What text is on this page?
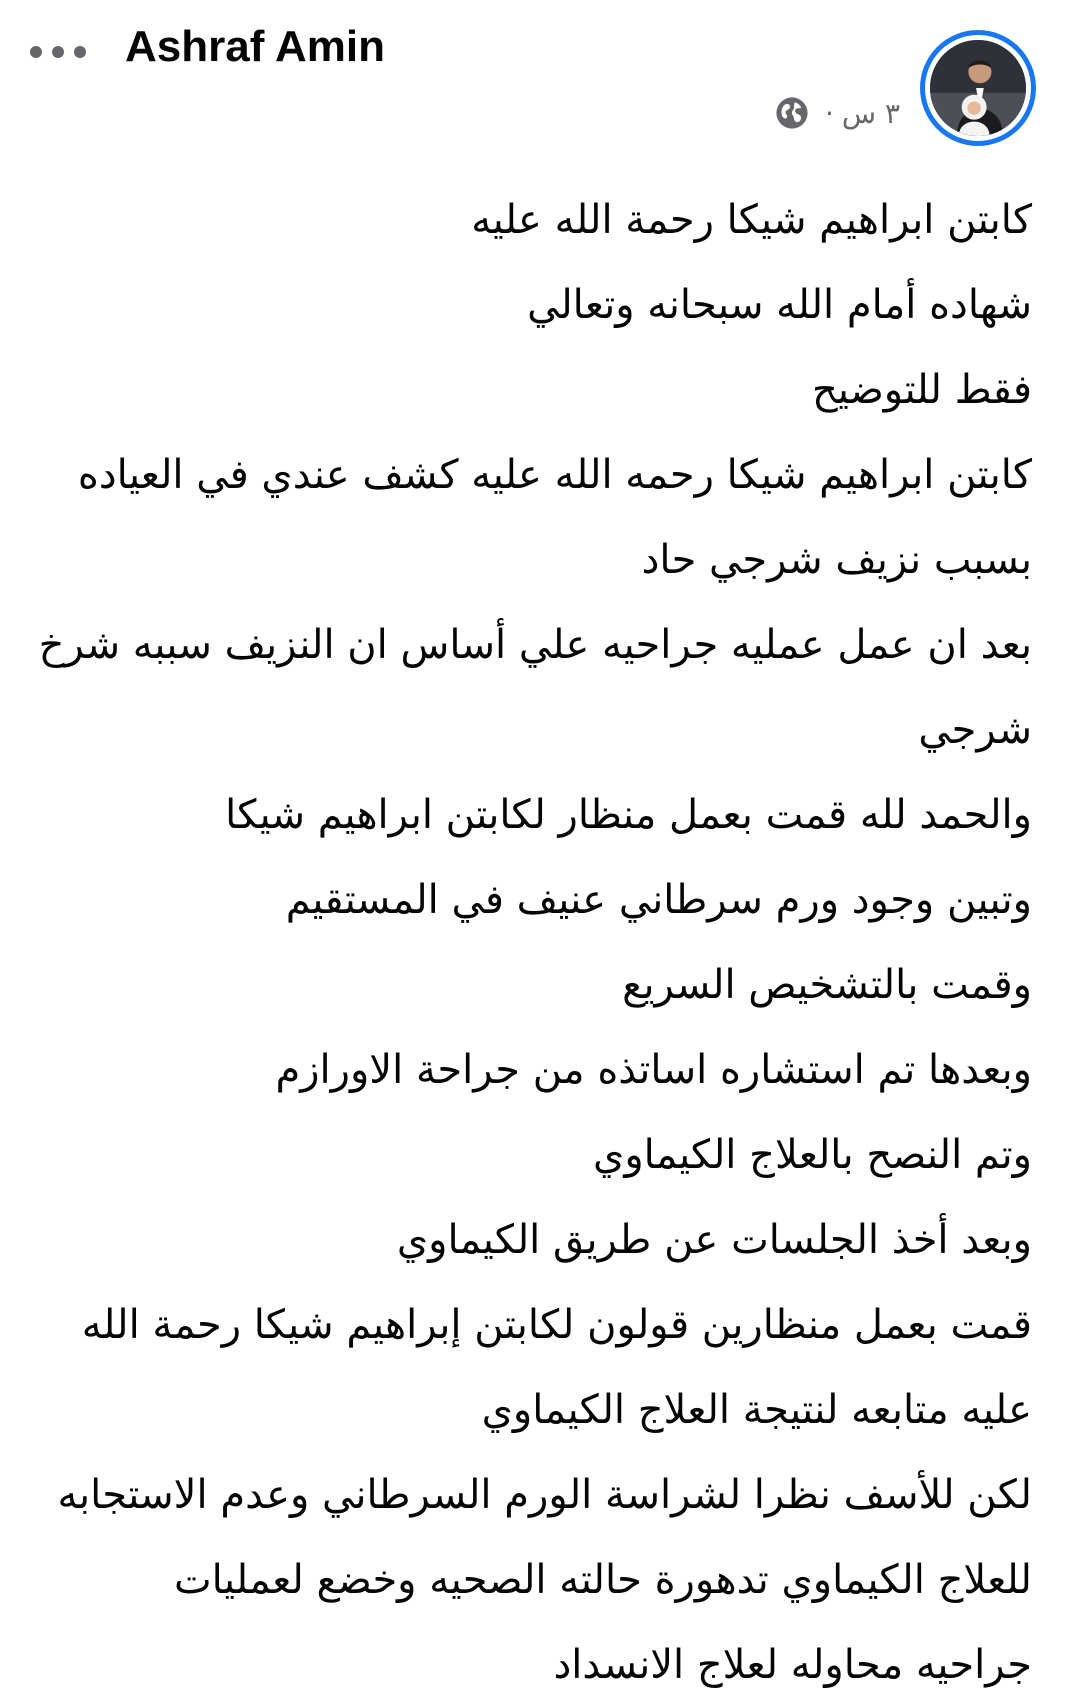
Ashraf Amin
٣ س
·

كابتن ابراهيم شيكا رحمة الله عليه

شهاده أمام الله سبحانه وتعالي

فقط للتوضيح

كابتن ابراهيم شيكا رحمه الله عليه كشف عندي في العياده

بسبب نزيف شرجي حاد

بعد ان عمل عمليه جراحيه علي أساس ان النزيف سببه شرخ

شرجي

والحمد لله قمت بعمل منظار لكابتن ابراهيم شيكا

وتبين وجود ورم سرطاني عنيف في المستقيم

وقمت بالتشخيص السريع

وبعدها تم استشاره اساتذه من جراحة الاورازم

وتم النصح بالعلاج الكيماوي

وبعد أخذ الجلسات عن طريق الكيماوي

قمت بعمل منظارين قولون لكابتن إبراهيم شيكا رحمة الله

عليه متابعه لنتيجة العلاج الكيماوي

لكن للأسف نظرا لشراسة الورم السرطاني وعدم الاستجابه

للعلاج الكيماوي تدهورة حالته الصحيه وخضع لعمليات

جراحيه محاوله لعلاج الانسداد
